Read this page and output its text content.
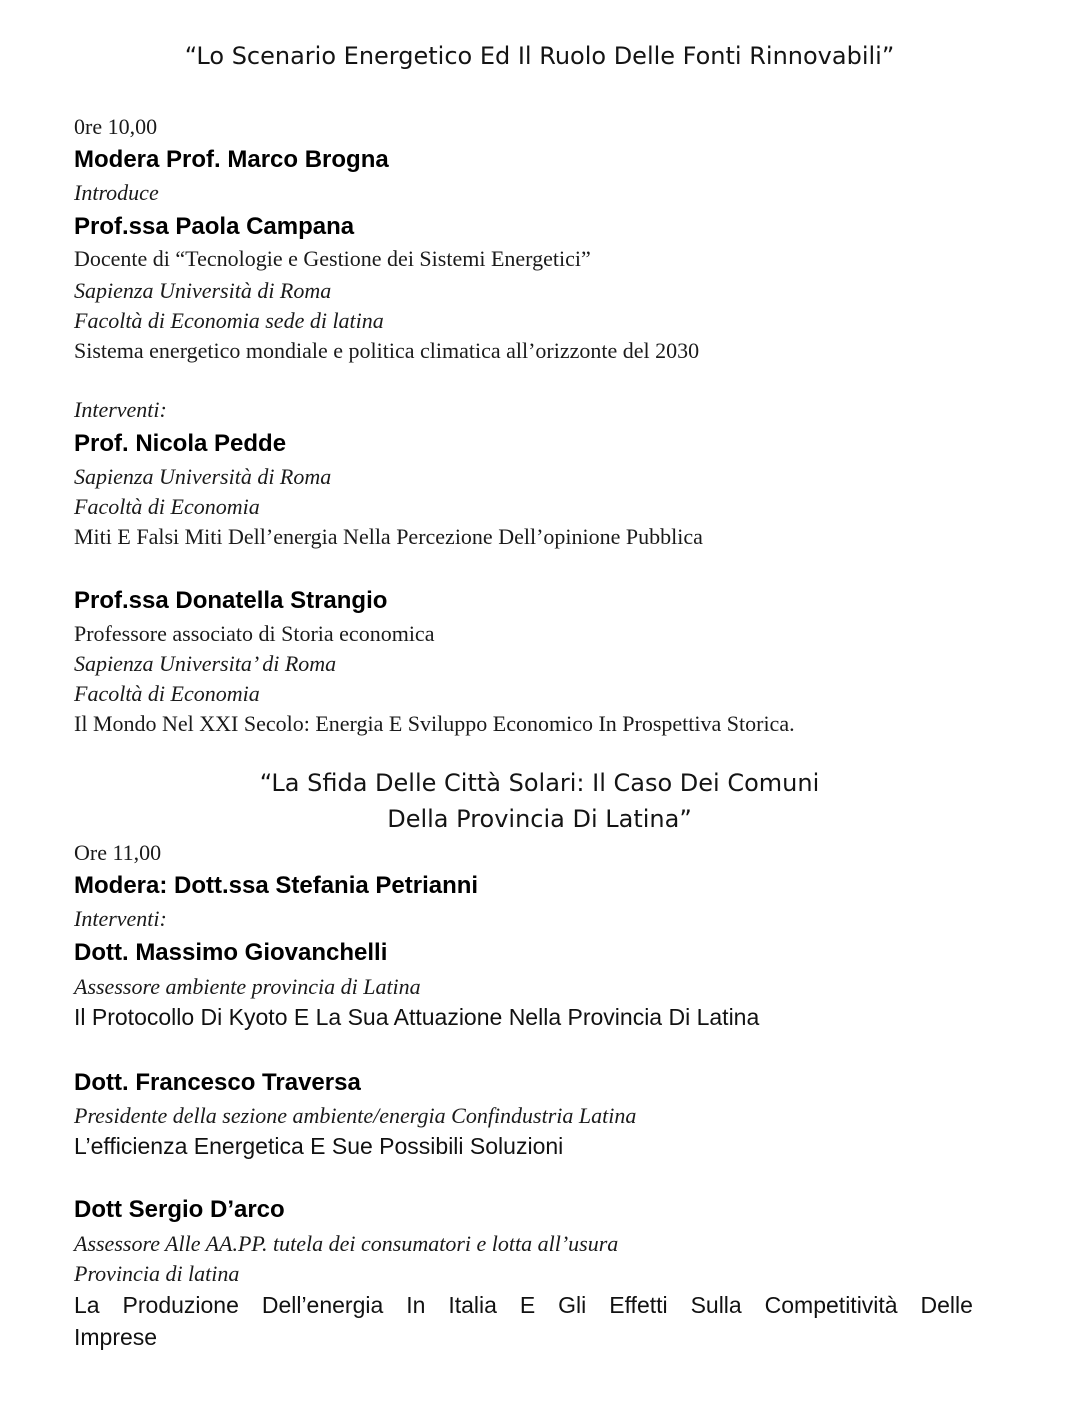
“Lo Scenario Energetico Ed Il Ruolo Delle Fonti Rinnovabili”
0re 10,00
Modera Prof. Marco Brogna
Introduce
Prof.ssa Paola Campana
Docente di “Tecnologie e Gestione dei Sistemi Energetici”
Sapienza Università di Roma
Facoltà di Economia sede di latina
Sistema energetico mondiale e politica climatica all’orizzonte del 2030
Interventi:
Prof. Nicola Pedde
Sapienza Università di Roma
Facoltà di Economia
Miti E Falsi Miti Dell’energia Nella Percezione Dell’opinione Pubblica
Prof.ssa Donatella Strangio
Professore associato di Storia economica
Sapienza Universita’ di Roma
Facoltà di Economia
Il Mondo Nel XXI Secolo: Energia E Sviluppo Economico In Prospettiva Storica.
“La Sfida Delle Città Solari: Il Caso Dei Comuni
Della Provincia Di Latina”
Ore 11,00
Modera: Dott.ssa Stefania Petrianni
Interventi:
Dott. Massimo Giovanchelli
Assessore ambiente provincia di Latina
Il Protocollo Di Kyoto E La Sua Attuazione Nella Provincia Di Latina
Dott. Francesco Traversa
Presidente della sezione ambiente/energia Confindustria Latina
L’efficienza Energetica E Sue Possibili Soluzioni
Dott Sergio D’arco
Assessore Alle AA.PP. tutela dei consumatori e lotta all’usura
Provincia di latina
La Produzione Dell’energia In Italia E Gli Effetti Sulla Competitività Delle
Imprese
